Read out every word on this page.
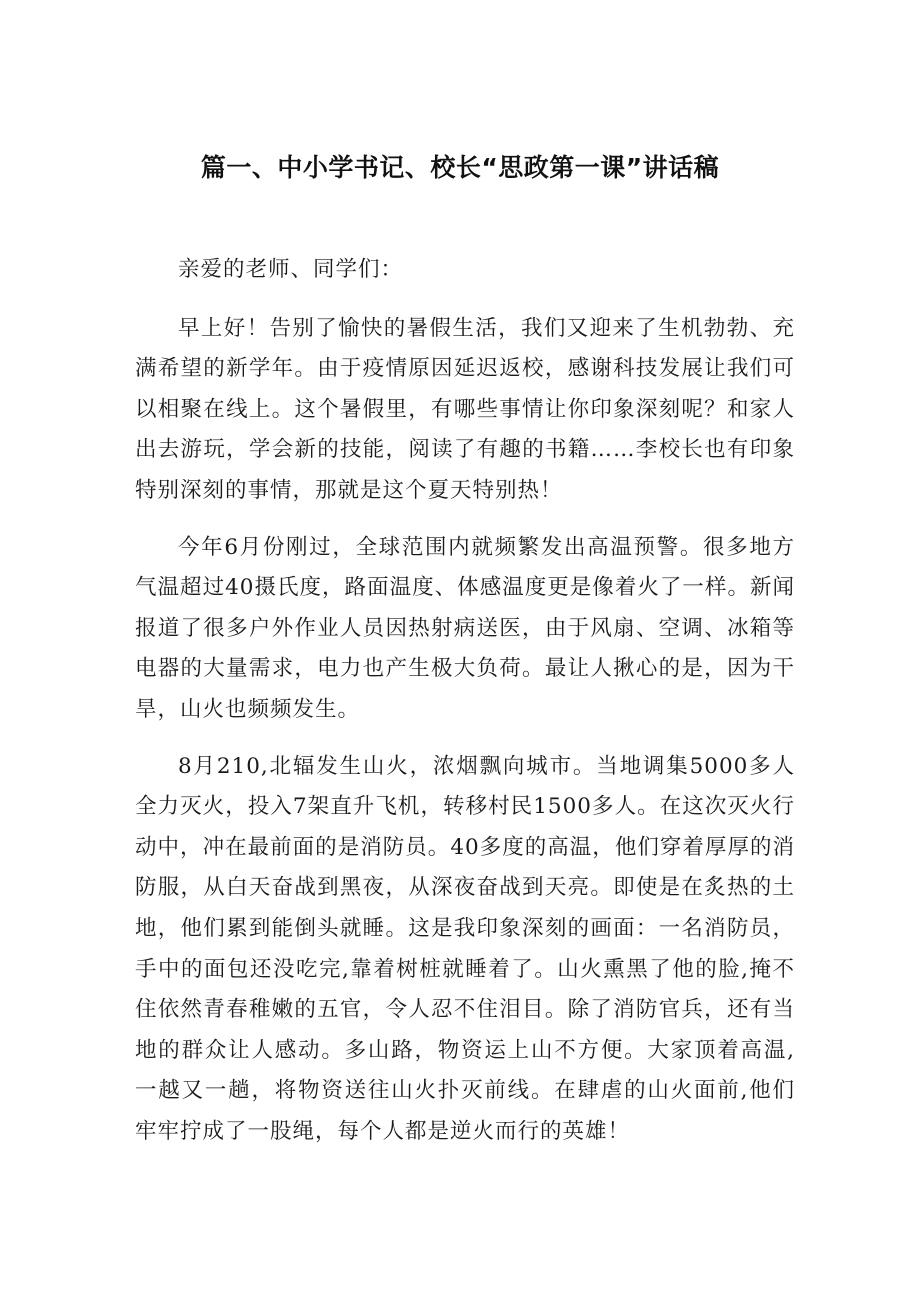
篇一、中小学书记、校长“思政第一课”讲话稿

亲爱的老师、同学们：

早上好！告别了愉快的暑假生活，我们又迎来了生机勃勃、充满希望的新学年。由于疫情原因延迟返校，感谢科技发展让我们可以相聚在线上。这个暑假里，有哪些事情让你印象深刻呢？和家人出去游玩，学会新的技能，阅读了有趣的书籍……李校长也有印象特别深刻的事情，那就是这个夏天特别热！

今年6月份刚过，全球范围内就频繁发出高温预警。很多地方气温超过40摄氏度，路面温度、体感温度更是像着火了一样。新闻报道了很多户外作业人员因热射病送医，由于风扇、空调、冰箱等电器的大量需求，电力也产生极大负荷。最让人揪心的是，因为干旱，山火也频频发生。

8月210,北辐发生山火，浓烟飘向城市。当地调集5000多人全力灭火，投入7架直升飞机，转移村民1500多人。在这次灭火行动中，冲在最前面的是消防员。40多度的高温，他们穿着厚厚的消防服，从白天奋战到黑夜，从深夜奋战到天亮。即使是在炙热的土地，他们累到能倒头就睡。这是我印象深刻的画面：一名消防员，手中的面包还没吃完,靠着树桩就睡着了。山火熏黑了他的脸,掩不住依然青春稚嫩的五官，令人忍不住泪目。除了消防官兵，还有当地的群众让人感动。多山路，物资运上山不方便。大家顶着高温,一越又一趟，将物资送往山火扑灭前线。在肆虐的山火面前,他们牢牢拧成了一股绳，每个人都是逆火而行的英雄！
